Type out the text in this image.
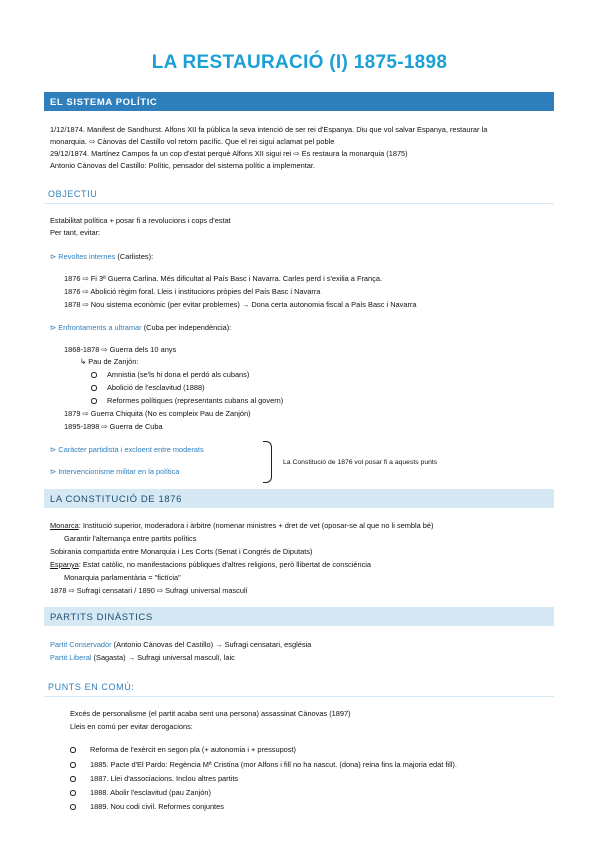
LA RESTAURACIÓ (I) 1875-1898
EL SISTEMA POLÍTIC
1/12/1874. Manifest de Sandhurst. Alfons XII fa pública la seva intenció de ser rei d'Espanya. Diu que vol salvar Espanya, restaurar la
monarquia. ⇨ Cànovas del Castillo vol retorn pacífic. Que el rei sigui aclamat pel poble
29/12/1874. Martínez Campos fa un cop d'estat perquè Alfons XII sigui rei ⇨ Es restaura la monarquia (1875)
Antonio Cànovas del Castillo: Polític, pensador del sistema polític a implementar.
OBJECTIU
Estabilitat política + posar fi a revolucions i cops d'estat
Per tant, evitar:
⊳ Revoltes internes (Carlistes):
1876 ⇨ Fi 3ª Guerra Carlina. Més dificultat al País Basc i Navarra. Carles perd i s'exilia a França.
1876 ⇨ Abolició règim foral. Lleis i institucions pròpies del País Basc i Navarra
1878 ⇨ Nou sistema econòmic (per evitar problemes) → Dona certa autonomia fiscal a País Basc i Navarra
⊳ Enfrontaments a ultramar (Cuba per independència):
1868-1878 ⇨ Guerra dels 10 anys
↳ Pau de Zanjón:
Amnistia (se'ls hi dona el perdó als cubans)
Abolició de l'esclavitud (1888)
Reformes polítiques (representants cubans al govern)
1879 ⇨ Guerra Chiquita (No es compleix Pau de Zanjón)
1895-1898 ⇨ Guerra de Cuba
⊳ Caràcter partidista i excloent entre moderats
⊳ Intervencionisme militar en la política
La Constitució de 1876 vol posar fi a aquests punts
LA CONSTITUCIÓ DE 1876
Monarca: Institució superior, moderadora i àrbitre (nomenar ministres + dret de vet (oposar-se al que no li sembla bé)
Garantir l'alternança entre partits polítics
Sobirania compartida entre Monarquia i Les Corts (Senat i Congrés de Diputats)
Espanya: Estat catòlic, no manifestacions públiques d'altres religions, però llibertat de consciència
Monarquia parlamentària = "fictícia"
1878 ⇨ Sufragi censatari / 1890 ⇨ Sufragi universal masculí
PARTITS DINÀSTICS
Partit Conservador (Antonio Cànovas del Castillo) → Sufragi censatari, església
Partit Liberal (Sagasta) → Sufragi universal masculí, laic
PUNTS EN COMÚ:
Excés de personalisme (el partit acaba sent una persona) assassinat Cànovas (1897)
Lleis en comú per evitar derogacions:
Reforma de l'exèrcit en segon pla (+ autonomia i + pressupost)
1885. Pacte d'El Pardo: Regència Mª Cristina (mor Alfons i fill no ha nascut. (dona) reina fins la majoria edat fill).
1887. Llei d'associacions. Inclou altres partits
1888. Abolir l'esclavitud (pau Zanjón)
1889. Nou codi civil. Reformes conjuntes
